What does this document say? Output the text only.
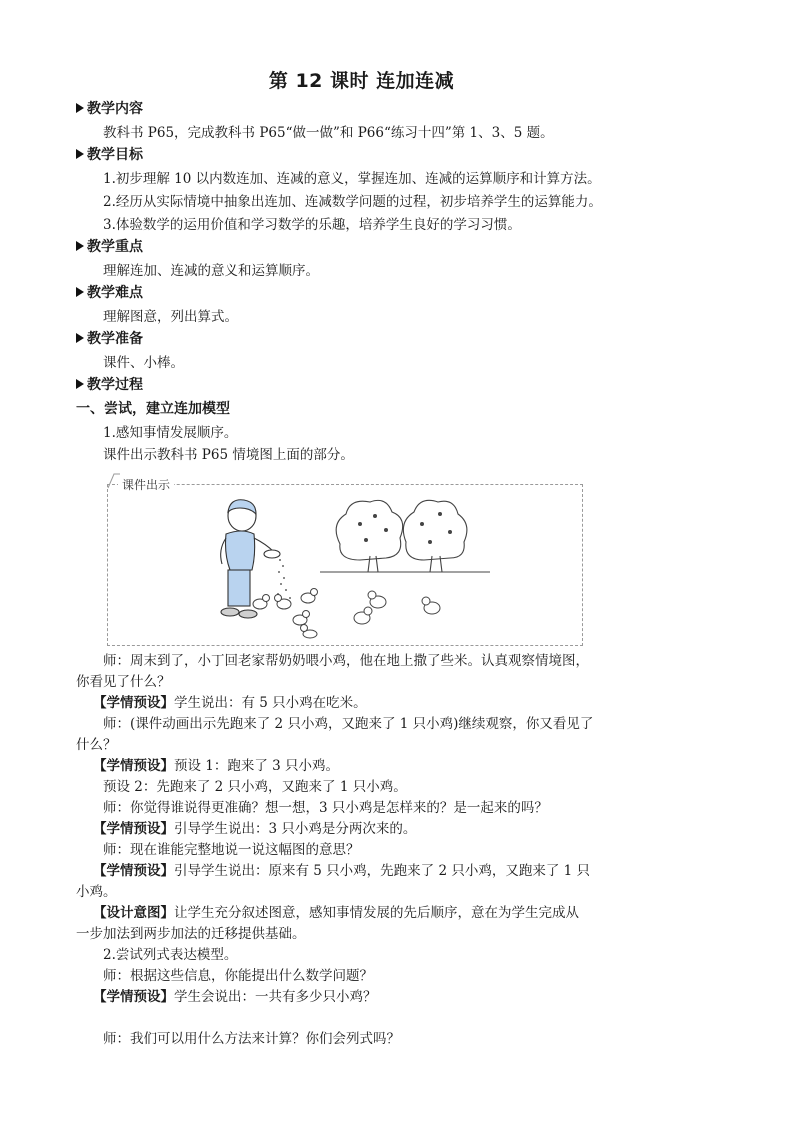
第 12 课时 连加连减
教学内容
教科书 P65，完成教科书 P65“做一做”和 P66“练习十四”第 1、3、5 题。
教学目标
1.初步理解 10 以内数连加、连减的意义，掌握连加、连减的运算顺序和计算方法。
2.经历从实际情境中抽象出连加、连减数学问题的过程，初步培养学生的运算能力。
3.体验数学的运用价值和学习数学的乐趣，培养学生良好的学习习惯。
教学重点
理解连加、连减的意义和运算顺序。
教学难点
理解图意，列出算式。
教学准备
课件、小棒。
教学过程
一、尝试，建立连加模型
1.感知事情发展顺序。
课件出示教科书 P65 情境图上面的部分。
课件出示
师：周末到了，小丁回老家帮奶奶喂小鸡，他在地上撒了些米。认真观察情境图，
你看见了什么？
【学情预设】学生说出：有 5 只小鸡在吃米。
师：(课件动画出示先跑来了 2 只小鸡，又跑来了 1 只小鸡)继续观察，你又看见了
什么？
【学情预设】预设 1：跑来了 3 只小鸡。
预设 2：先跑来了 2 只小鸡，又跑来了 1 只小鸡。
师：你觉得谁说得更准确？想一想，3 只小鸡是怎样来的？是一起来的吗？
【学情预设】引导学生说出：3 只小鸡是分两次来的。
师：现在谁能完整地说一说这幅图的意思？
【学情预设】引导学生说出：原来有 5 只小鸡，先跑来了 2 只小鸡，又跑来了 1 只
小鸡。
【设计意图】让学生充分叙述图意，感知事情发展的先后顺序，意在为学生完成从
一步加法到两步加法的迁移提供基础。
2.尝试列式表达模型。
师：根据这些信息，你能提出什么数学问题？
【学情预设】学生会说出：一共有多少只小鸡？
师：我们可以用什么方法来计算？你们会列式吗？
